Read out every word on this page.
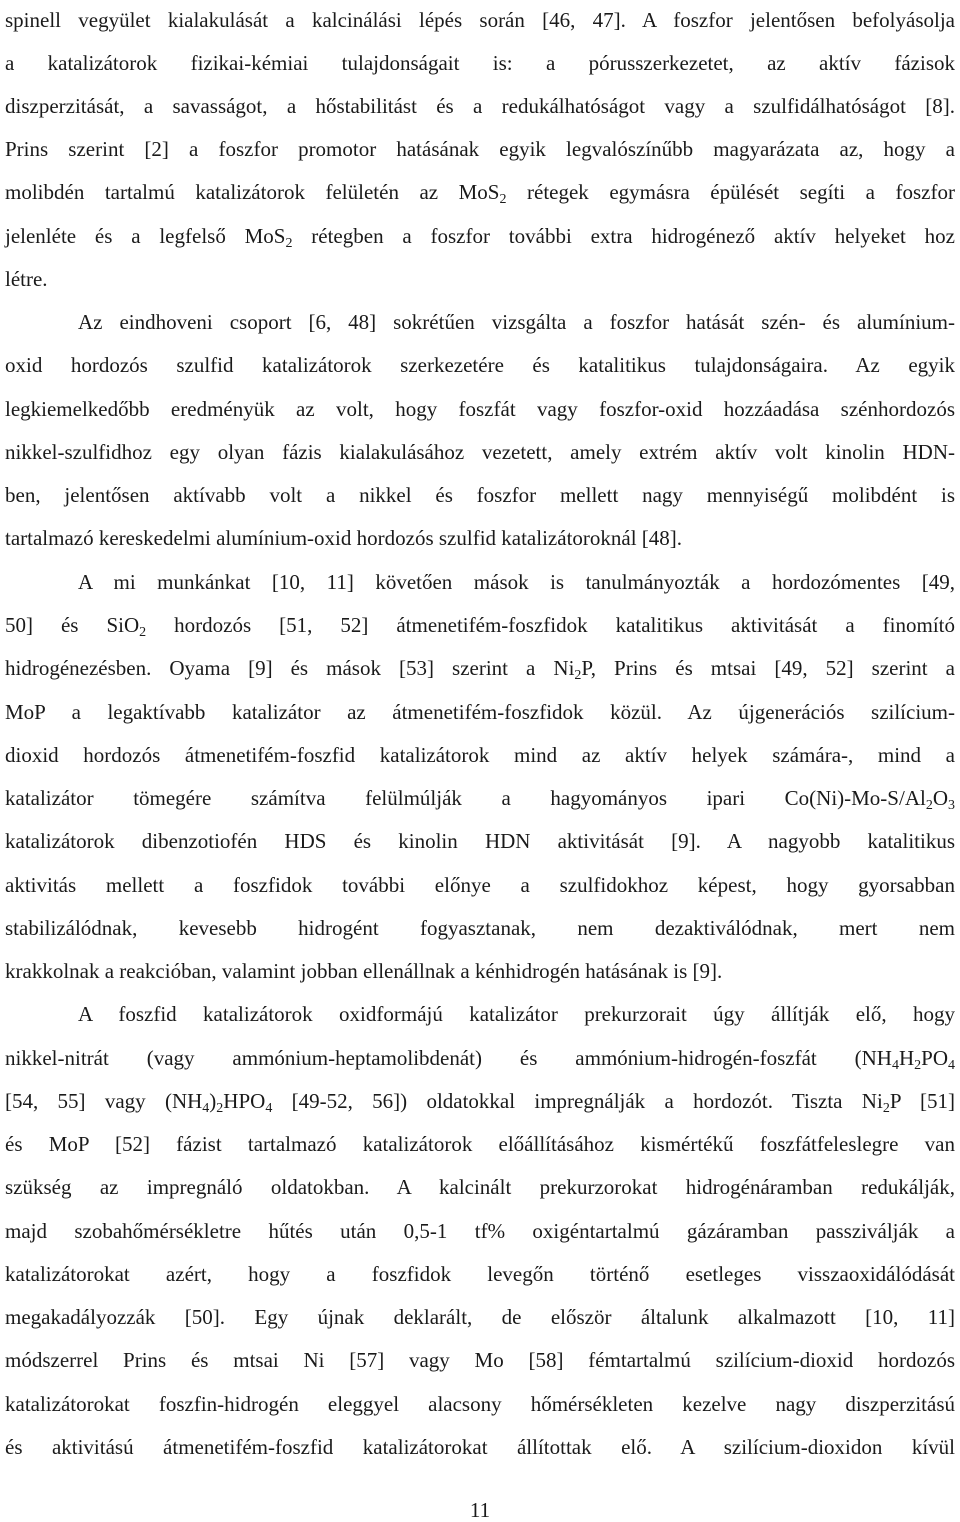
spinell vegyület kialakulását a kalcinálási lépés során [46, 47]. A foszfor jelentősen befolyásolja
a katalizátorok fizikai-kémiai tulajdonságait is: a pórusszerkezetet, az aktív fázisok
diszperzitását, a savasságot, a hőstabilitást és a redukálhatóságot vagy a szulfidálhatóságot [8].
Prins szerint [2] a foszfor promotor hatásának egyik legvalószínűbb magyarázata az, hogy a
molibdén tartalmú katalizátorok felületén az MoS$_2$ rétegek egymásra épülését segíti a foszfor
jelenléte és a legfelső MoS$_2$ rétegben a foszfor további extra hidrogénező aktív helyeket hoz
létre.
Az eindhoveni csoport [6, 48] sokrétűen vizsgálta a foszfor hatását szén- és alumínium-
oxid hordozós szulfid katalizátorok szerkezetére és katalitikus tulajdonságaira. Az egyik
legkiemelkedőbb eredményük az volt, hogy foszfát vagy foszfor-oxid hozzáadása szénhordozós
nikkel-szulfidhoz egy olyan fázis kialakulásához vezetett, amely extrém aktív volt kinolin HDN-
ben, jelentősen aktívabb volt a nikkel és foszfor mellett nagy mennyiségű molibdént is
tartalmazó kereskedelmi alumínium-oxid hordozós szulfid katalizátoroknál [48].
A mi munkánkat [10, 11] követően mások is tanulmányozták a hordozómentes [49,
50] és SiO$_2$ hordozós [51, 52] átmenetifém-foszfidok katalitikus aktivitását a finomító
hidrogénezésben. Oyama [9] és mások [53] szerint a $Ni_2P$, Prins és mtsai [49, 52] szerint a
MoP a legaktívabb katalizátor az átmenetifém-foszfidok közül. Az újgenerációs szilícium-
dioxid hordozós átmenetifém-foszfid katalizátorok mind az aktív helyek számára-, mind a
katalizátor tömegére számítva felülmúlják a hagyományos ipari $Co(Ni)-Mo-S/Al_2O_3$
katalizátorok dibenzotiofén HDS és kinolin HDN aktivitását [9]. A nagyobb katalitikus
aktivitás mellett a foszfidok további előnye a szulfidokhoz képest, hogy gyorsabban
stabilizálódnak, kevesebb hidrogént fogyasztanak, nem dezaktiválódnak, mert nem
krakkolnak a reakcióban, valamint jobban ellenállnak a kénhidrogén hatásának is [9].
A foszfid katalizátorok oxidformájú katalizátor prekurzorait úgy állítják elő, hogy
nikkel-nitrát (vagy ammónium-heptamolibdenát) és ammónium-hidrogén-foszfát ($NH_4H_2PO_4$
[54, 55] vagy $(NH_4)_2HPO_4$ [49-52, 56]) oldatokkal impregnálják a hordozót. Tiszta $Ni_2P$ [51]
és MoP [52] fázist tartalmazó katalizátorok előállításához kismértékű foszfátfeleslegre van
szükség az impregnáló oldatokban. A kalcinált prekurzorokat hidrogénáramban redukálják,
majd szobahőmérsékletre hűtés után 0,5-1 tf% oxigéntartalmú gázáramban passziválják a
katalizátorokat azért, hogy a foszfidok levegőn történő esetleges visszaoxidálódását
megakadályozzák [50]. Egy újnak deklarált, de először általunk alkalmazott [10, 11]
módszerrel Prins és mtsai Ni [57] vagy Mo [58] fémtartalmú szilícium-dioxid hordozós
katalizátorokat foszfin-hidrogén eleggyel alacsony hőmérsékleten kezelve nagy diszperzitású
és aktivitású átmenetifém-foszfid katalizátorokat állítottak elő. A szilícium-dioxidon kívül
11
